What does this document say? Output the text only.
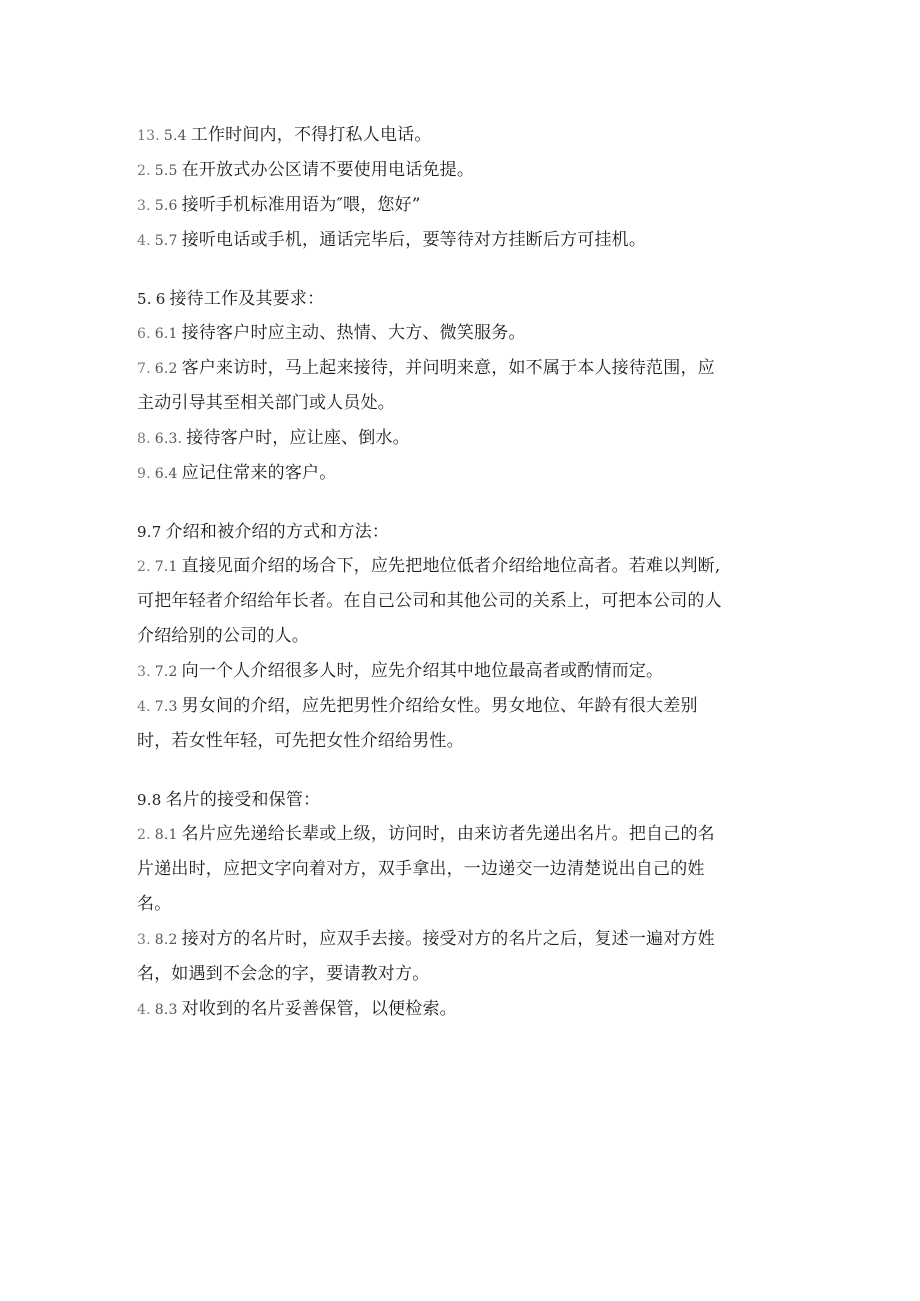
13. 5.4 工作时间内，不得打私人电话。
2. 5.5 在开放式办公区请不要使用电话免提。
3. 5.6 接听手机标准用语为″喂，您好”
4. 5.7 接听电话或手机，通话完毕后，要等待对方挂断后方可挂机。
5. 6 接待工作及其要求：
6. 6.1 接待客户时应主动、热情、大方、微笑服务。
7. 6.2 客户来访时，马上起来接待，并问明来意，如不属于本人接待范围，应
主动引导其至相关部门或人员处。
8. 6.3. 接待客户时，应让座、倒水。
9. 6.4 应记住常来的客户。
9.7 介绍和被介绍的方式和方法：
2. 7.1 直接见面介绍的场合下，应先把地位低者介绍给地位高者。若难以判断,
可把年轻者介绍给年长者。在自己公司和其他公司的关系上，可把本公司的人
介绍给别的公司的人。
3. 7.2 向一个人介绍很多人时，应先介绍其中地位最高者或酌情而定。
4. 7.3 男女间的介绍，应先把男性介绍给女性。男女地位、年龄有很大差别
时，若女性年轻，可先把女性介绍给男性。
9.8 名片的接受和保管：
2. 8.1 名片应先递给长辈或上级，访问时，由来访者先递出名片。把自己的名
片递出时，应把文字向着对方，双手拿出，一边递交一边清楚说出自己的姓
名。
3. 8.2 接对方的名片时，应双手去接。接受对方的名片之后，复述一遍对方姓
名，如遇到不会念的字，要请教对方。
4. 8.3 对收到的名片妥善保管，以便检索。
